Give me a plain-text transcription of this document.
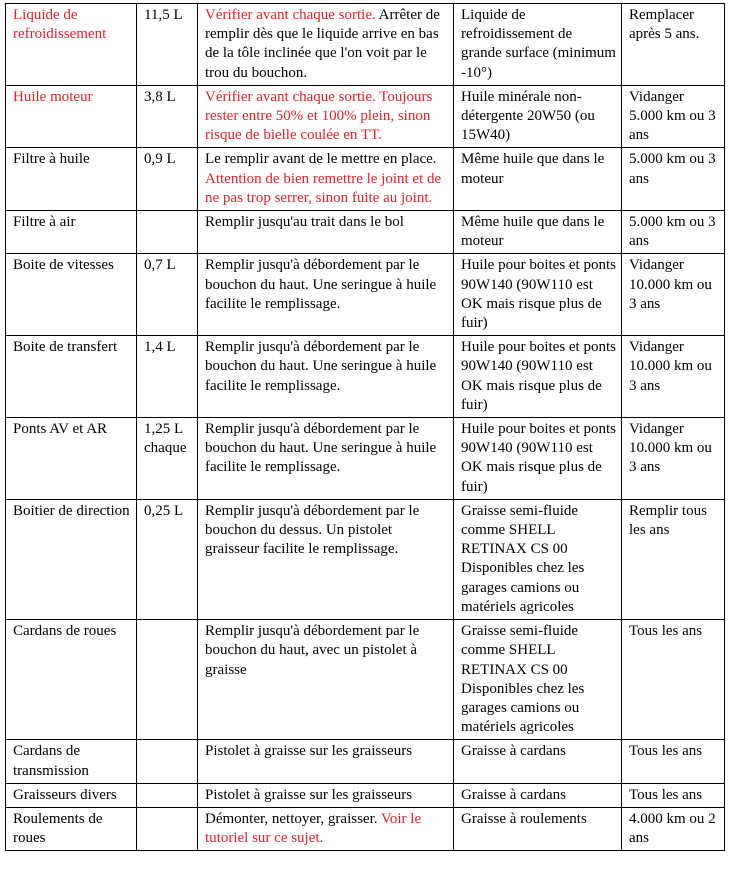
Liquide de refroidissement	11,5 L	Vérifier avant chaque sortie. Arrêter de remplir dès que le liquide arrive en bas de la tôle inclinée que l'on voit par le trou du bouchon.	Liquide de refroidissement de grande surface (minimum -10°)	Remplacer après 5 ans.
Huile moteur	3,8 L	Vérifier avant chaque sortie. Toujours rester entre 50% et 100% plein, sinon risque de bielle coulée en TT.	Huile minérale non-détergente 20W50 (ou 15W40)	Vidanger 5.000 km ou 3 ans
Filtre à huile	0,9 L	Le remplir avant de le mettre en place. Attention de bien remettre le joint et de ne pas trop serrer, sinon fuite au joint.	Même huile que dans le moteur	5.000 km ou 3 ans
Filtre à air		Remplir jusqu'au trait dans le bol	Même huile que dans le moteur	5.000 km ou 3 ans
Boite de vitesses	0,7 L	Remplir jusqu'à débordement par le bouchon du haut. Une seringue à huile facilite le remplissage.	Huile pour boites et ponts 90W140 (90W110 est OK mais risque plus de fuir)	Vidanger 10.000 km ou 3 ans
Boite de transfert	1,4 L	Remplir jusqu'à débordement par le bouchon du haut. Une seringue à huile facilite le remplissage.	Huile pour boites et ponts 90W140 (90W110 est OK mais risque plus de fuir)	Vidanger 10.000 km ou 3 ans
Ponts AV et AR	1,25 L chaque	Remplir jusqu'à débordement par le bouchon du haut. Une seringue à huile facilite le remplissage.	Huile pour boites et ponts 90W140 (90W110 est OK mais risque plus de fuir)	Vidanger 10.000 km ou 3 ans
Boitier de direction	0,25 L	Remplir jusqu'à débordement par le bouchon du dessus. Un pistolet graisseur facilite le remplissage.	Graisse semi-fluide comme SHELL RETINAX CS 00 Disponibles chez les garages camions ou matériels agricoles	Remplir tous les ans
Cardans de roues		Remplir jusqu'à débordement par le bouchon du haut, avec un pistolet à graisse	Graisse semi-fluide comme SHELL RETINAX CS 00 Disponibles chez les garages camions ou matériels agricoles	Tous les ans
Cardans de transmission		Pistolet à graisse sur les graisseurs	Graisse à cardans	Tous les ans
Graisseurs divers		Pistolet à graisse sur les graisseurs	Graisse à cardans	Tous les ans
Roulements de roues		Démonter, nettoyer, graisser. Voir le tutoriel sur ce sujet.	Graisse à roulements	4.000 km ou 2 ans
